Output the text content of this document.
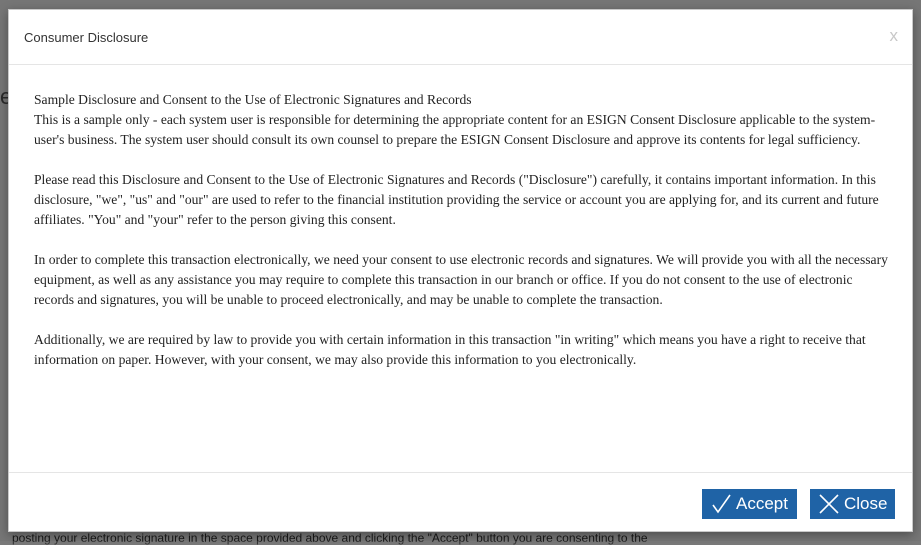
Consumer Disclosure	x
Sample Disclosure and Consent to the Use of Electronic Signatures and Records

This is a sample only - each system user is responsible for determining the appropriate content for an ESIGN Consent Disclosure applicable to the system-user's business. The system user should consult its own counsel to prepare the ESIGN Consent Disclosure and approve its contents for legal sufficiency.

Please read this Disclosure and Consent to the Use of Electronic Signatures and Records ("Disclosure") carefully, it contains important information. In this disclosure, "we", "us" and "our" are used to refer to the financial institution providing the service or account you are applying for, and its current and future affiliates. "You" and "your" refer to the person giving this consent.

In order to complete this transaction electronically, we need your consent to use electronic records and signatures. We will provide you with all the necessary equipment, as well as any assistance you may require to complete this transaction in our branch or office. If you do not consent to the use of electronic records and signatures, you will be unable to proceed electronically, and may be unable to complete the transaction.

Additionally, we are required by law to provide you with certain information in this transaction "in writing" which means you have a right to receive that information on paper. However, with your consent, we may also provide this information to you electronically.

Accept	Close
